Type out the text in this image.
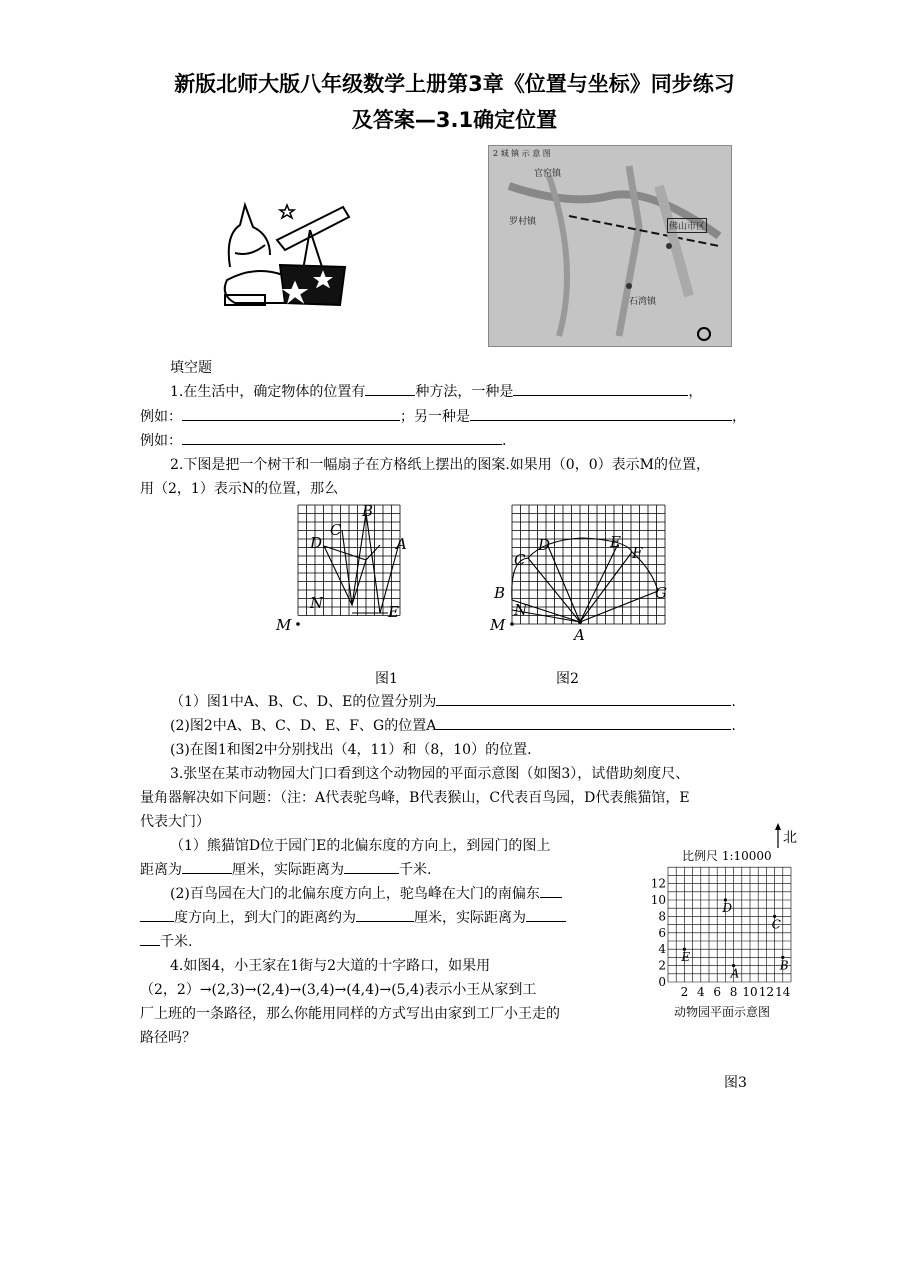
新版北师大版八年级数学上册第3章《位置与坐标》同步练习
及答案—3.1确定位置
2 城 镇 示 意 图
官窑镇
罗村镇	佛山市区
石湾镇
填空题
1.在生活中，确定物体的位置有	种方法，一种是	，
例如：	；另一种是	，
例如：	.
2.下图是把一个树干和一幅扇子在方格纸上摆出的图案.如果用（0，0）表示M的位置，
用（2，1）表示N的位置，那么
A
B
C
D
E
N
M
A
B
C
D	E
F
G
N
M
图1	图2
（1）图1中A、B、C、D、E的位置分别为	.
(2)图2中A、B、C、D、E、F、G的位置A	.
(3)在图1和图2中分别找出（4，11）和（8，10）的位置.
3.张坚在某市动物园大门口看到这个动物园的平面示意图（如图3），试借助刻度尺、
量角器解决如下问题：（注：A代表驼鸟峰，B代表猴山，C代表百鸟园，D代表熊猫馆，E
代表大门）
（1）熊猫馆D位于园门E的北偏东度的方向上，到园门的图上
距离为	厘米，实际距离为	千米.
(2)百鸟园在大门的北偏东度方向上，驼鸟峰在大门的南偏东
度方向上，到大门的距离约为	厘米，实际距离为
千米.
4.如图4，小王家在1街与2大道的十字路口，如果用
（2，2）→(2,3)→(2,4)→(3,4)→(4,4)→(5,4)表示小王从家到工
厂上班的一条路径，那么你能用同样的方式写出由家到工厂小王走的
路径吗？
北
比例尺 1:10000
0
2
4
6
8
10
12
2 4 6 8 10 12 14
A
B
C
D
E
动物园平面示意图
图3
